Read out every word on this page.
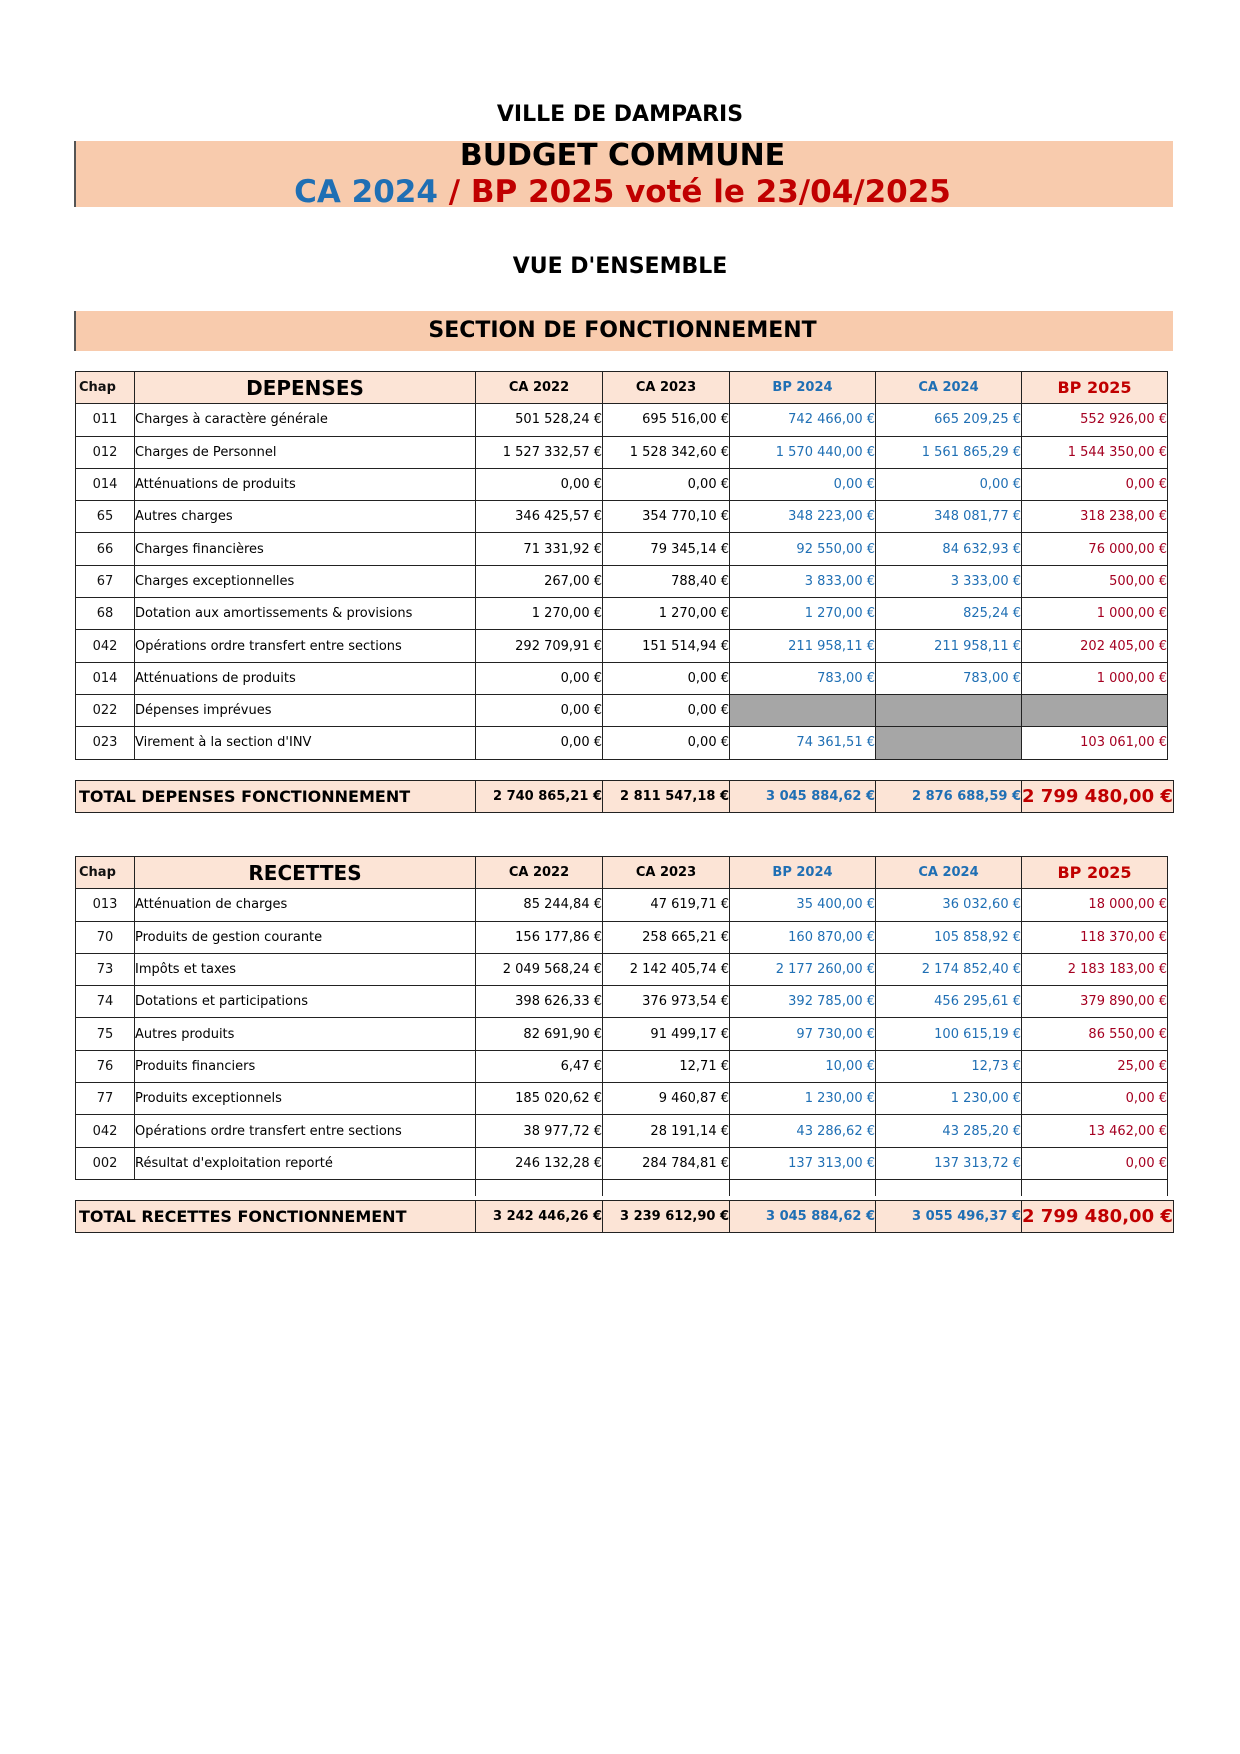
VILLE DE DAMPARIS
BUDGET COMMUNE
CA 2024 / BP 2025 voté le 23/04/2025
VUE D'ENSEMBLE
SECTION DE FONCTIONNEMENT
Chap	DEPENSES	CA 2022	CA 2023	BP 2024	CA 2024	BP 2025
011	Charges à caractère générale	501 528,24 €	695 516,00 €	742 466,00 €	665 209,25 €	552 926,00 €
012	Charges de Personnel	1 527 332,57 €	1 528 342,60 €	1 570 440,00 €	1 561 865,29 €	1 544 350,00 €
014	Atténuations de produits	0,00 €	0,00 €	0,00 €	0,00 €	0,00 €
65	Autres charges	346 425,57 €	354 770,10 €	348 223,00 €	348 081,77 €	318 238,00 €
66	Charges financières	71 331,92 €	79 345,14 €	92 550,00 €	84 632,93 €	76 000,00 €
67	Charges exceptionnelles	267,00 €	788,40 €	3 833,00 €	3 333,00 €	500,00 €
68	Dotation aux amortissements & provisions	1 270,00 €	1 270,00 €	1 270,00 €	825,24 €	1 000,00 €
042	Opérations ordre transfert entre sections	292 709,91 €	151 514,94 €	211 958,11 €	211 958,11 €	202 405,00 €
014	Atténuations de produits	0,00 €	0,00 €	783,00 €	783,00 €	1 000,00 €
022	Dépenses imprévues	0,00 €	0,00 €			
023	Virement à la section d'INV	0,00 €	0,00 €	74 361,51 €		103 061,00 €
TOTAL DEPENSES FONCTIONNEMENT	2 740 865,21 €	2 811 547,18 €	3 045 884,62 €	2 876 688,59 €	2 799 480,00 €
Chap	RECETTES	CA 2022	CA 2023	BP 2024	CA 2024	BP 2025
013	Atténuation de charges	85 244,84 €	47 619,71 €	35 400,00 €	36 032,60 €	18 000,00 €
70	Produits de gestion courante	156 177,86 €	258 665,21 €	160 870,00 €	105 858,92 €	118 370,00 €
73	Impôts et taxes	2 049 568,24 €	2 142 405,74 €	2 177 260,00 €	2 174 852,40 €	2 183 183,00 €
74	Dotations et participations	398 626,33 €	376 973,54 €	392 785,00 €	456 295,61 €	379 890,00 €
75	Autres produits	82 691,90 €	91 499,17 €	97 730,00 €	100 615,19 €	86 550,00 €
76	Produits financiers	6,47 €	12,71 €	10,00 €	12,73 €	25,00 €
77	Produits exceptionnels	185 020,62 €	9 460,87 €	1 230,00 €	1 230,00 €	0,00 €
042	Opérations ordre transfert entre sections	38 977,72 €	28 191,14 €	43 286,62 €	43 285,20 €	13 462,00 €
002	Résultat d'exploitation reporté	246 132,28 €	284 784,81 €	137 313,00 €	137 313,72 €	0,00 €

TOTAL RECETTES FONCTIONNEMENT	3 242 446,26 €	3 239 612,90 €	3 045 884,62 €	3 055 496,37 €	2 799 480,00 €
